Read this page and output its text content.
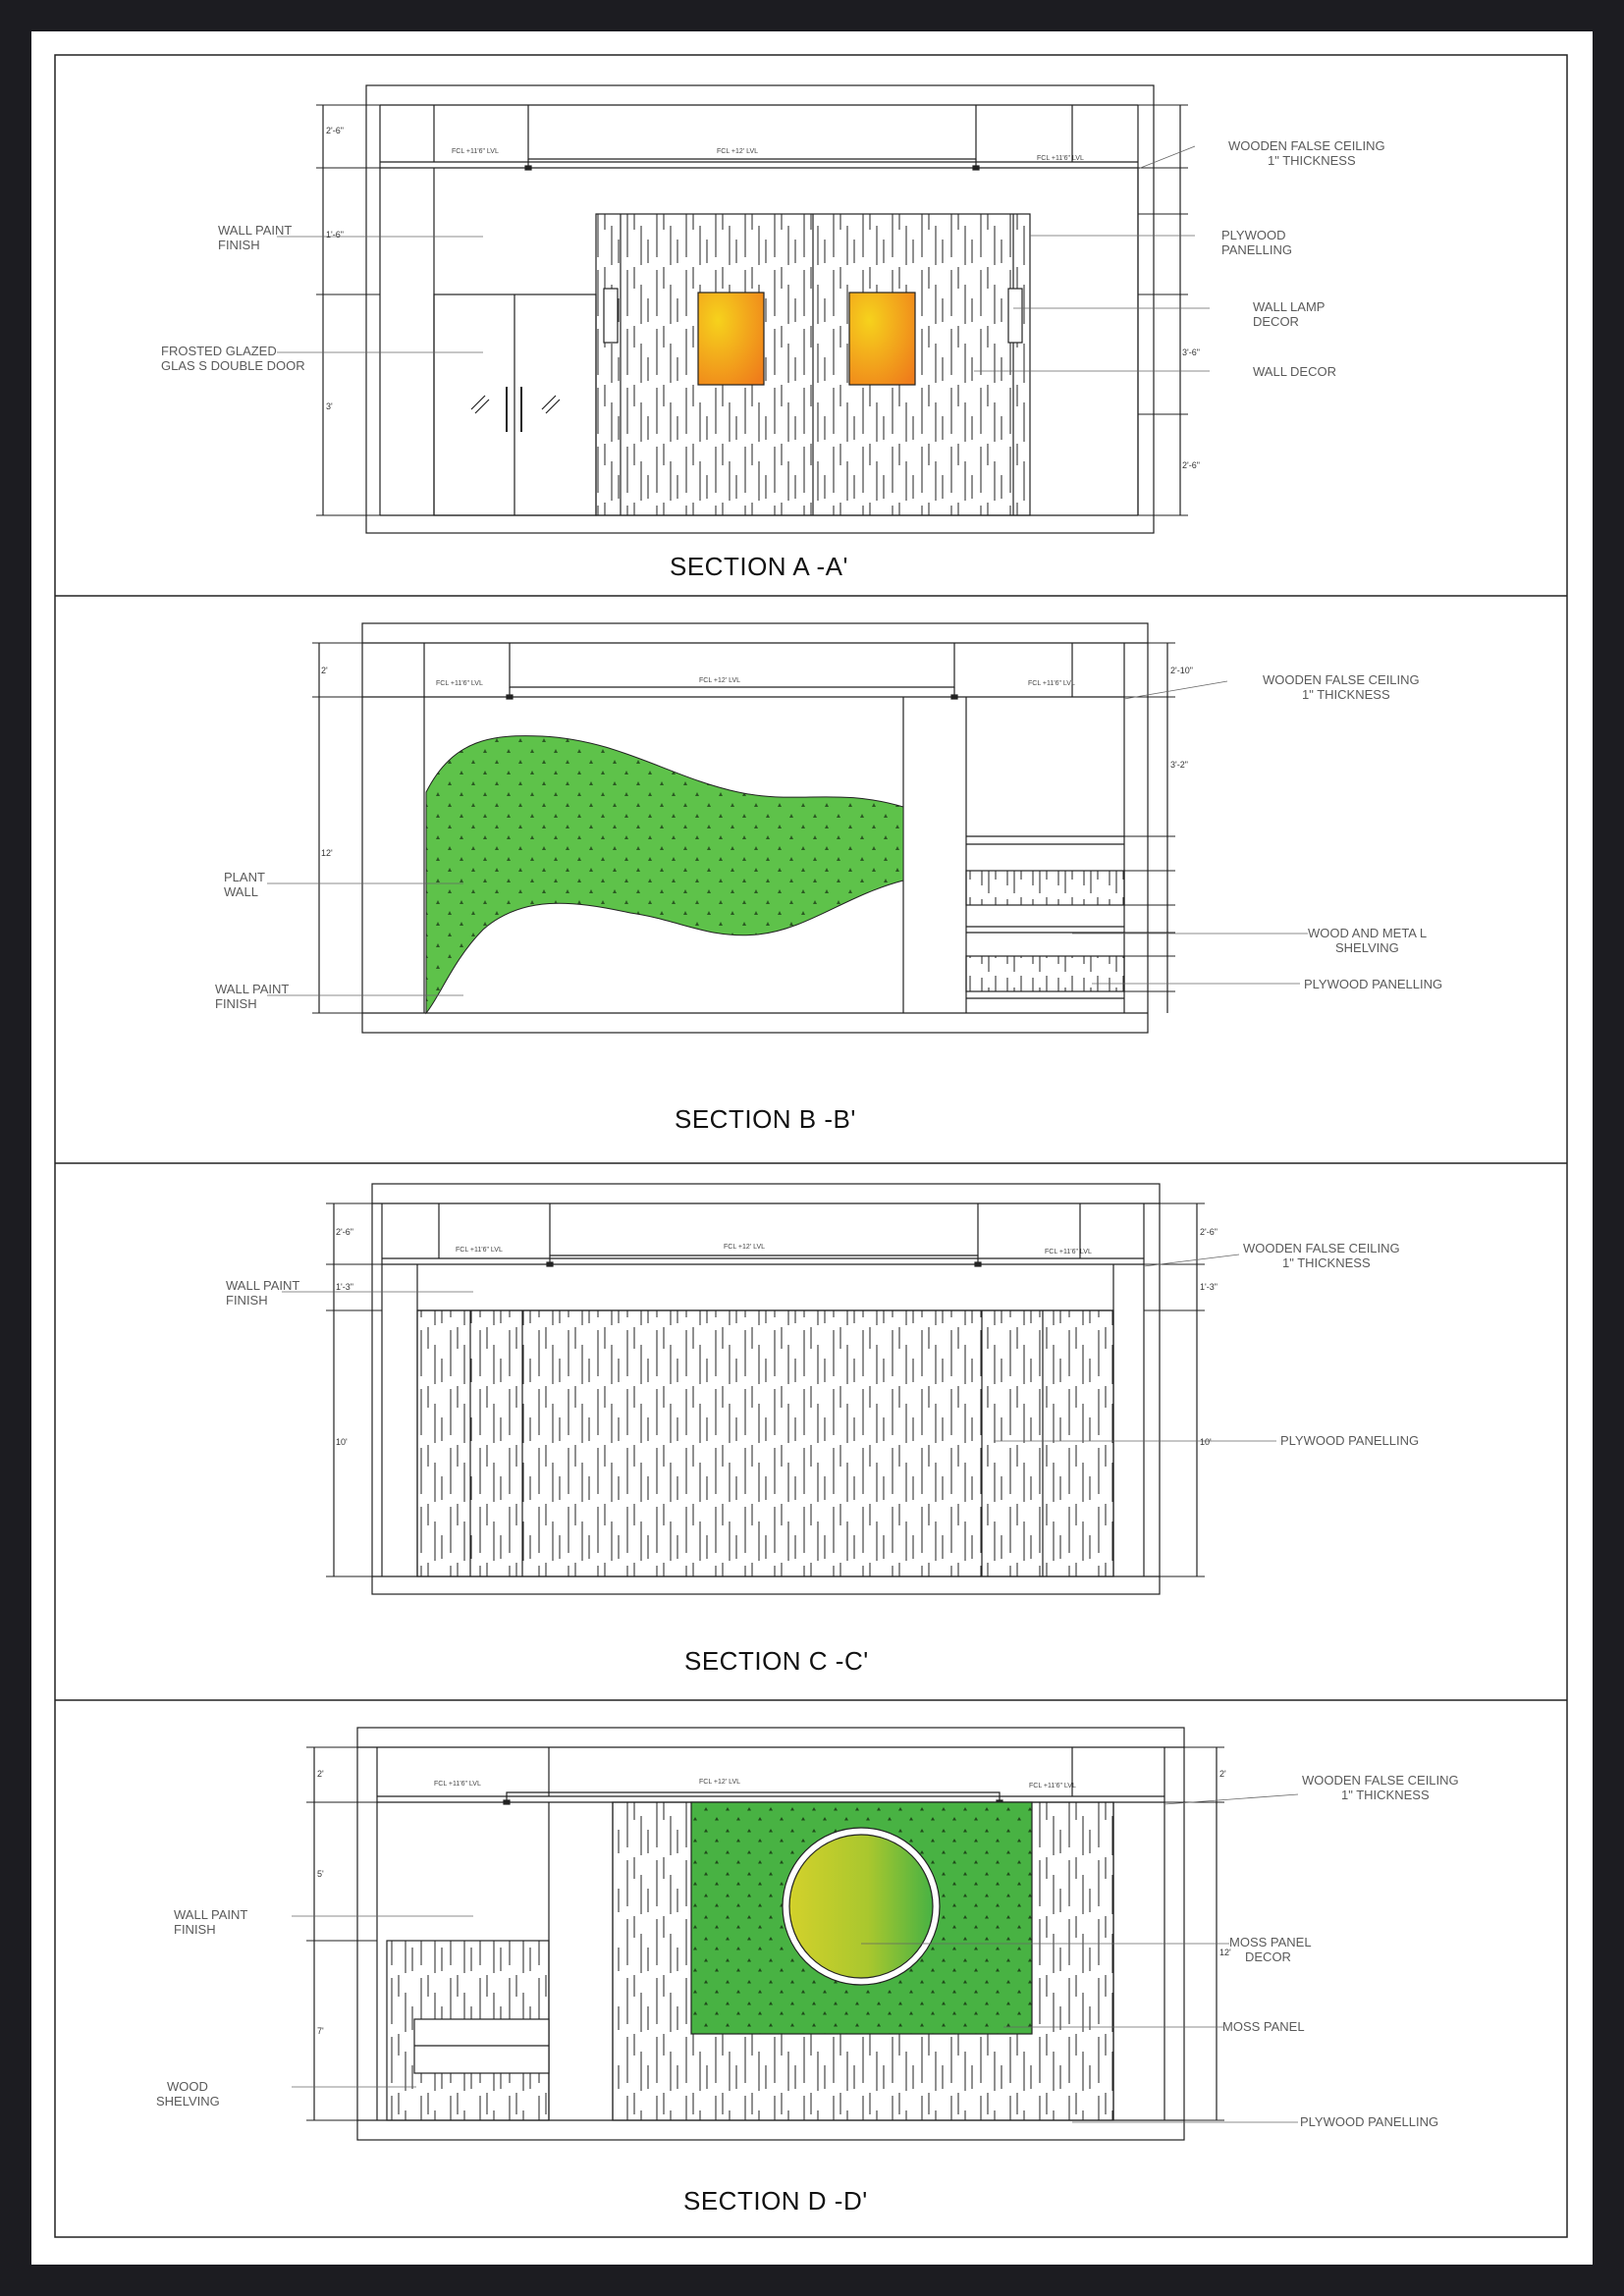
FCL +11'6" LVL	FCL +12' LVL
FCL +11'6" LVL
WOODEN FALSE CEILING
1" THICKNESS
PLYWOOD
PANELLING
WALL LAMP
DECOR
WALL DECOR
WALL PAINT
FINISH
FROSTED GLAZED
GLAS S DOUBLE DOOR
2'-6"
1'-6"
3'
3'-6"
2'-6"
SECTION A -A'
FCL +11'6" LVL	FCL +12' LVL	FCL +11'6" LVL	WOODEN FALSE CEILING
1" THICKNESS
WOOD AND META L
SHELVING
PLYWOOD PANELLING
PLANT
WALL
WALL PAINT
FINISH
2'
12'
2'-10"
3'-2"
SECTION B -B'
FCL +11'6" LVL	FCL +12' LVL
FCL +11'6" LVL	WOODEN FALSE CEILING
1" THICKNESS
PLYWOOD PANELLING
WALL PAINT
FINISH
2'-6"
1'-3"
10'
2'-6"
1'-3"
10'
SECTION C -C'
FCL +11'6" LVL	FCL +12' LVL
FCL +11'6" LVL	WOODEN FALSE CEILING
1" THICKNESS
MOSS PANEL
DECOR
MOSS PANEL
PLYWOOD PANELLING
WALL PAINT
FINISH
WOOD
SHELVING
2'
5'
7'
2'
12'
SECTION D -D'
